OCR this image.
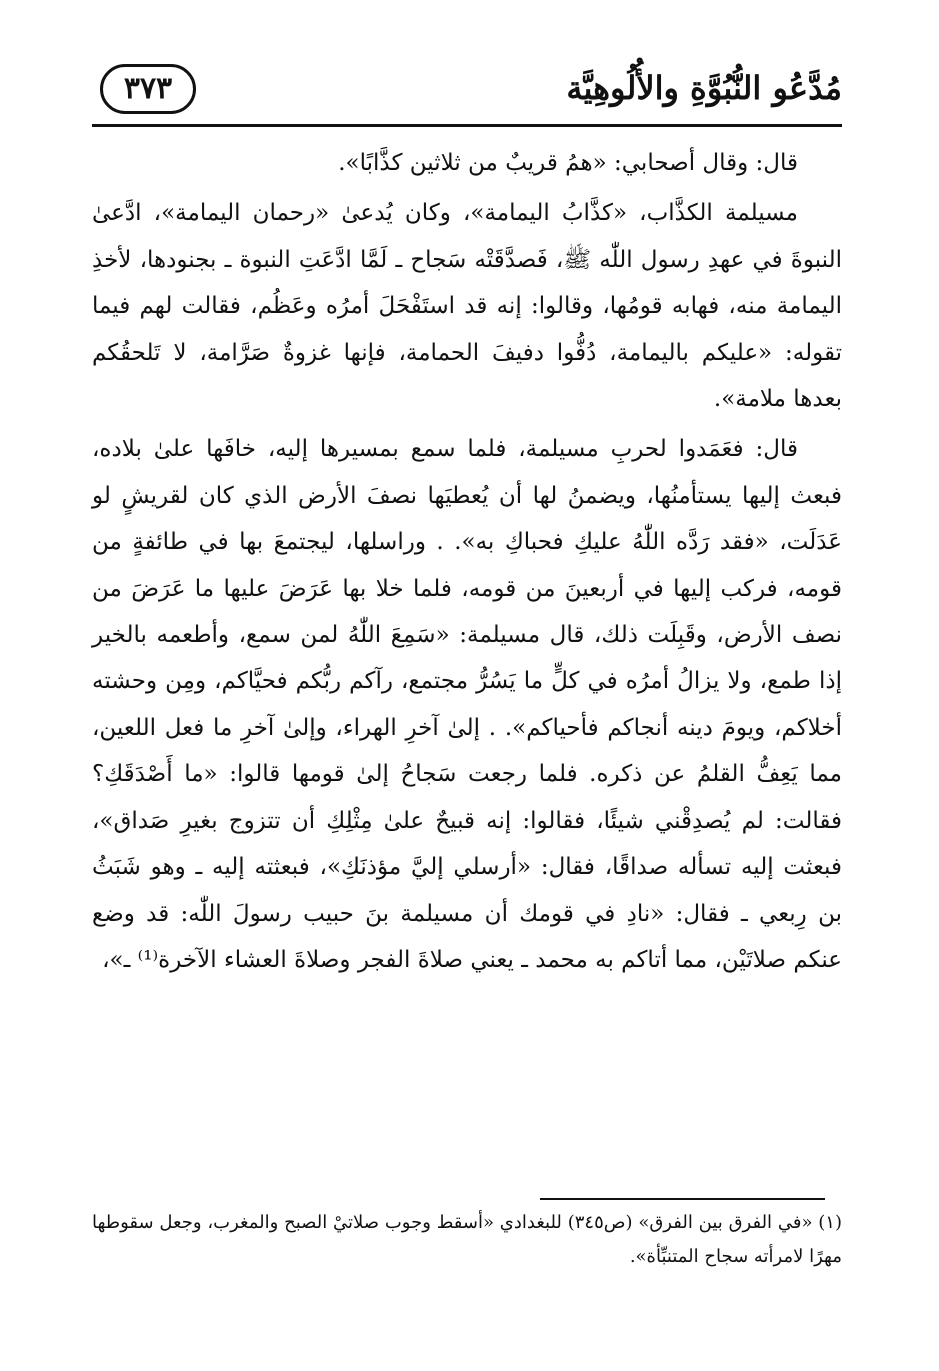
مُدَّعُو النُّبُوَّةِ والأُلُوهِيَّة
٣٧٣

قال: وقال أصحابي: «همُ قريبٌ من ثلاثين كذَّابًا».

مسيلمة الكذَّاب، «كذَّابُ اليمامة»، وكان يُدعىٰ «رحمان اليمامة»، ادَّعىٰ النبوةَ في عهدِ رسول اللّٰه ﷺ، فَصدَّقَتْه سَجاح ـ لَمَّا ادَّعَتِ النبوة ـ بجنودها، لأخذِ اليمامة منه، فهابه قومُها، وقالوا: إنه قد استَفْحَلَ أمرُه وعَظُم، فقالت لهم فيما تقوله: «عليكم باليمامة، دُفُّوا دفيفَ الحمامة، فإنها غزوةٌ صَرَّامة، لا تَلحقُكم بعدها ملامة».

قال: فعَمَدوا لحربِ مسيلمة، فلما سمع بمسيرها إليه، خافَها علىٰ بلاده، فبعث إليها يستأمنُها، ويضمنُ لها أن يُعطيَها نصفَ الأرض الذي كان لقريشٍ لو عَدَلَت، «فقد رَدَّه اللّٰهُ عليكِ فحباكِ به». . وراسلها، ليجتمعَ بها في طائفةٍ من قومه، فركب إليها في أربعينَ من قومه، فلما خلا بها عَرَضَ عليها ما عَرَضَ من نصف الأرض، وقَبِلَت ذلك، قال مسيلمة: «سَمِعَ اللّٰهُ لمن سمع، وأطعمه بالخير إذا طمع، ولا يزالُ أمرُه في كلٍّ ما يَسُرُّ مجتمع، رآكم ربُّكم فحيَّاكم، ومِن وحشته أخلاكم، ويومَ دينه أنجاكم فأحياكم». . إلىٰ آخرِ الهراء، وإلىٰ آخرِ ما فعل اللعين، مما يَعِفُّ القلمُ عن ذكره. فلما رجعت سَجاحُ إلىٰ قومها قالوا: «ما أَصْدَقَكِ؟ فقالت: لم يُصدِقْني شيئًا، فقالوا: إنه قبيحٌ علىٰ مِثْلِكِ أن تتزوج بغيرِ صَداق»، فبعثت إليه تسأله صداقًا، فقال: «أرسلي إليَّ مؤذنَكِ»، فبعثته إليه ـ وهو شَبَثُ بن رِبعي ـ فقال: «نادِ في قومك أن مسيلمة بنَ حبيب رسولَ اللّٰه: قد وضع عنكم صلاتَيْن، مما أتاكم به محمد ـ يعني صلاةَ الفجر وصلاةَ العشاء الآخرة⁽¹⁾ ـ»،

(١) «في الفرق بين الفرق» (ص٣٤٥) للبغدادي «أسقط وجوب صلاتيْ الصبح والمغرب، وجعل سقوطها مهرًا لامرأته سجاح المتنبِّأة».
